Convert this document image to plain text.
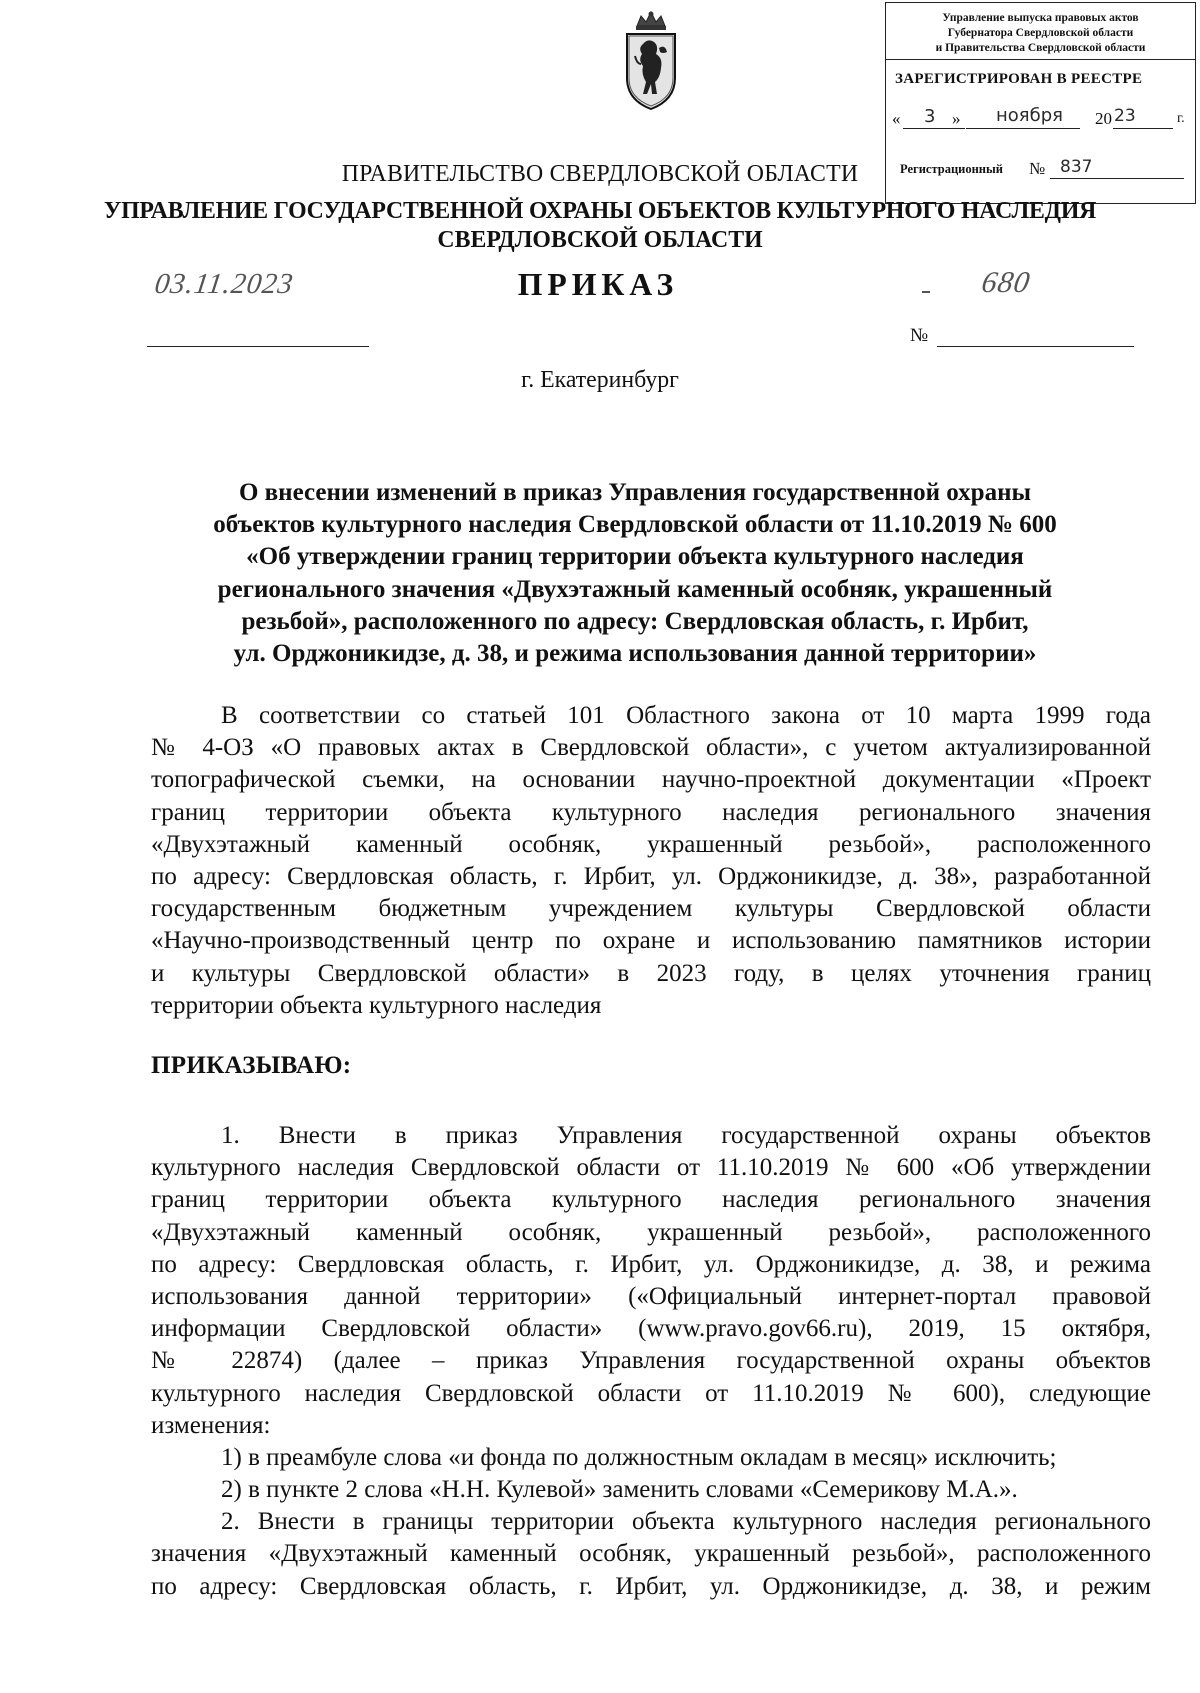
Управление выпуска правовых актов
Губернатора Свердловской области
и Правительства Свердловской области
ЗАРЕГИСТРИРОВАН В РЕЕСТРЕ
« 3 » ноября 20 23	г.
Регистрационный № 837
ПРАВИТЕЛЬСТВО СВЕРДЛОВСКОЙ ОБЛАСТИ
УПРАВЛЕНИЕ ГОСУДАРСТВЕННОЙ ОХРАНЫ ОБЪЕКТОВ КУЛЬТУРНОГО НАСЛЕДИЯ
СВЕРДЛОВСКОЙ ОБЛАСТИ
ПРИКАЗ
03.11.2023	680
№
г. Екатеринбург
О внесении изменений в приказ Управления государственной охраны
объектов культурного наследия Свердловской области от 11.10.2019 № 600
«Об утверждении границ территории объекта культурного наследия
регионального значения «Двухэтажный каменный особняк, украшенный
резьбой», расположенного по адресу: Свердловская область, г. Ирбит,
ул. Орджоникидзе, д. 38, и режима использования данной территории»
В соответствии со статьей 101 Областного закона от 10 марта 1999 года
№ 4-ОЗ «О правовых актах в Свердловской области», с учетом актуализированной
топографической съемки, на основании научно-проектной документации «Проект
границ территории объекта культурного наследия регионального значения
«Двухэтажный каменный особняк, украшенный резьбой», расположенного
по адресу: Свердловская область, г. Ирбит, ул. Орджоникидзе, д. 38», разработанной
государственным бюджетным учреждением культуры Свердловской области
«Научно-производственный центр по охране и использованию памятников истории
и культуры Свердловской области» в 2023 году, в целях уточнения границ
территории объекта культурного наследия
ПРИКАЗЫВАЮ:
1. Внести в приказ Управления государственной охраны объектов
культурного наследия Свердловской области от 11.10.2019 № 600 «Об утверждении
границ территории объекта культурного наследия регионального значения
«Двухэтажный каменный особняк, украшенный резьбой», расположенного
по адресу: Свердловская область, г. Ирбит, ул. Орджоникидзе, д. 38, и режима
использования данной территории» («Официальный интернет-портал правовой
информации Свердловской области» (www.pravo.gov66.ru), 2019, 15 октября,
№ 22874) (далее – приказ Управления государственной охраны объектов
культурного наследия Свердловской области от 11.10.2019 № 600), следующие
изменения:
1) в преамбуле слова «и фонда по должностным окладам в месяц» исключить;
2) в пункте 2 слова «Н.Н. Кулевой» заменить словами «Семерикову М.А.».
2. Внести в границы территории объекта культурного наследия регионального
значения «Двухэтажный каменный особняк, украшенный резьбой», расположенного
по адресу: Свердловская область, г. Ирбит, ул. Орджоникидзе, д. 38, и режим
